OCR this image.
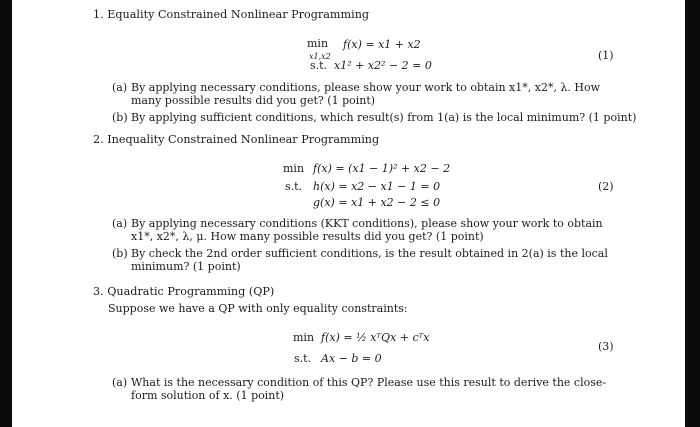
1. Equality Constrained Nonlinear Programming
min
x1,x2
f(x) = x1 + x2
s.t. x1² + x2² − 2 = 0
(1)
(a) By applying necessary conditions, please show your work to obtain x1*, x2*, λ. How many possible results did you get? (1 point)
(b) By applying sufficient conditions, which result(s) from 1(a) is the local minimum? (1 point)
2. Inequality Constrained Nonlinear Programming
min f(x) = (x1 − 1)² + x2 − 2
s.t. h(x) = x2 − x1 − 1 = 0
g(x) = x1 + x2 − 2 ≤ 0
(2)
(a) By applying necessary conditions (KKT conditions), please show your work to obtain x1*, x2*, λ, μ. How many possible results did you get? (1 point)
(b) By check the 2nd order sufficient conditions, is the result obtained in 2(a) is the local minimum? (1 point)
3. Quadratic Programming (QP)
Suppose we have a QP with only equality constraints:
min f(x) = ½ xᵀQx + cᵀx
s.t. Ax − b = 0
(3)
(a) What is the necessary condition of this QP? Please use this result to derive the close-form solution of x. (1 point)
